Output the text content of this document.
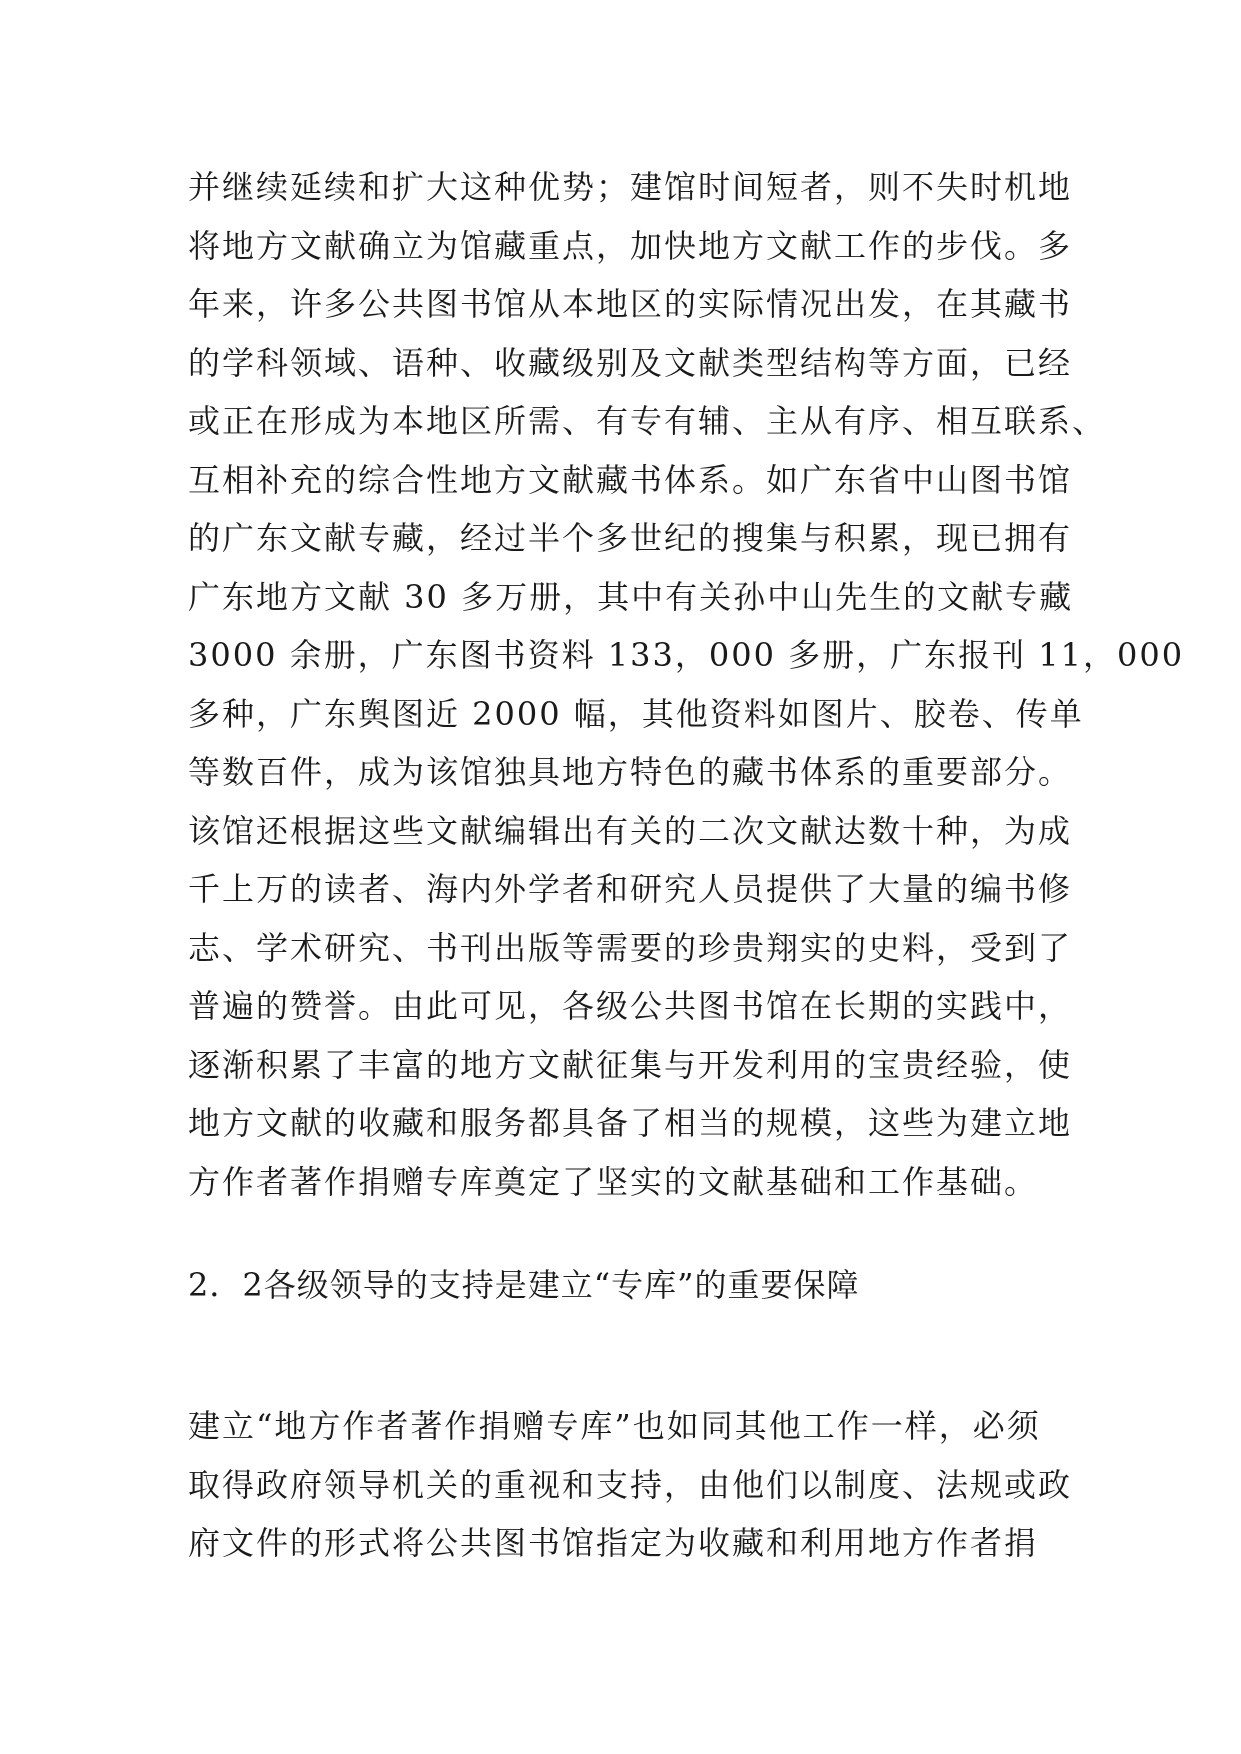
并继续延续和扩大这种优势；建馆时间短者，则不失时机地
将地方文献确立为馆藏重点，加快地方文献工作的步伐。多
年来，许多公共图书馆从本地区的实际情况出发，在其藏书
的学科领域、语种、收藏级别及文献类型结构等方面，已经
或正在形成为本地区所需、有专有辅、主从有序、相互联系、
互相补充的综合性地方文献藏书体系。如广东省中山图书馆
的广东文献专藏，经过半个多世纪的搜集与积累，现已拥有
广东地方文献 30 多万册，其中有关孙中山先生的文献专藏
3000 余册，广东图书资料 133，000 多册，广东报刊 11，000
多种，广东舆图近 2000 幅，其他资料如图片、胶卷、传单
等数百件，成为该馆独具地方特色的藏书体系的重要部分。
该馆还根据这些文献编辑出有关的二次文献达数十种，为成
千上万的读者、海内外学者和研究人员提供了大量的编书修
志、学术研究、书刊出版等需要的珍贵翔实的史料，受到了
普遍的赞誉。由此可见，各级公共图书馆在长期的实践中，
逐渐积累了丰富的地方文献征集与开发利用的宝贵经验，使
地方文献的收藏和服务都具备了相当的规模，这些为建立地
方作者著作捐赠专库奠定了坚实的文献基础和工作基础。
2．2各级领导的支持是建立“专库”的重要保障
建立“地方作者著作捐赠专库”也如同其他工作一样，必须
取得政府领导机关的重视和支持，由他们以制度、法规或政
府文件的形式将公共图书馆指定为收藏和利用地方作者捐
